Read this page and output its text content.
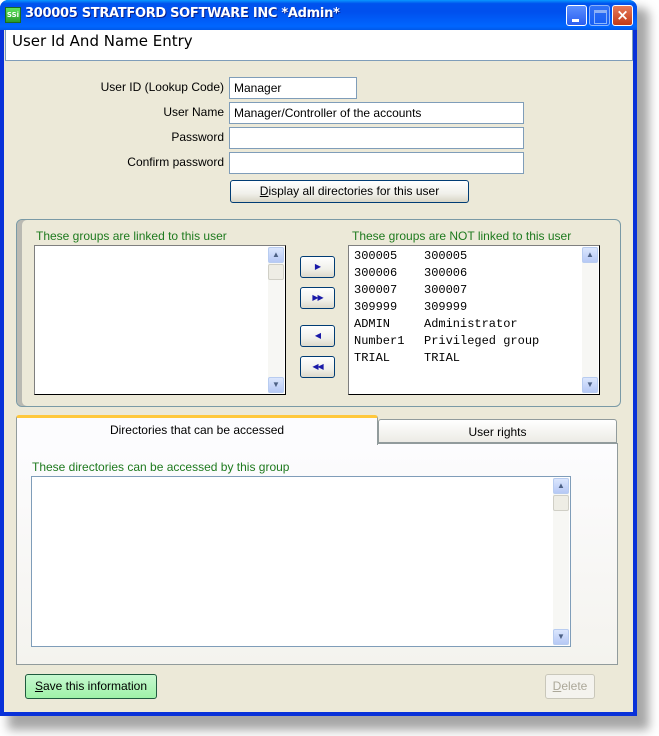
SSi 300005 STRATFORD SOFTWARE INC *Admin*	×
User Id And Name Entry
User ID (Lookup Code) Manager
User Name Manager/Controller of the accounts
Password
Confirm password
Display all directories for this user
These groups are linked to this user
▲
▼
▶
▶▶
◀
◀◀
These groups are NOT linked to this user
300005 300005
300006 300006
300007 300007
309999 309999
ADMIN	Administrator
Number1 Privileged group
TRIAL	TRIAL
▲
▼
Directories that can be accessed	User rights
These directories can be accessed by this group
▲
▼
Save this information	Delete
